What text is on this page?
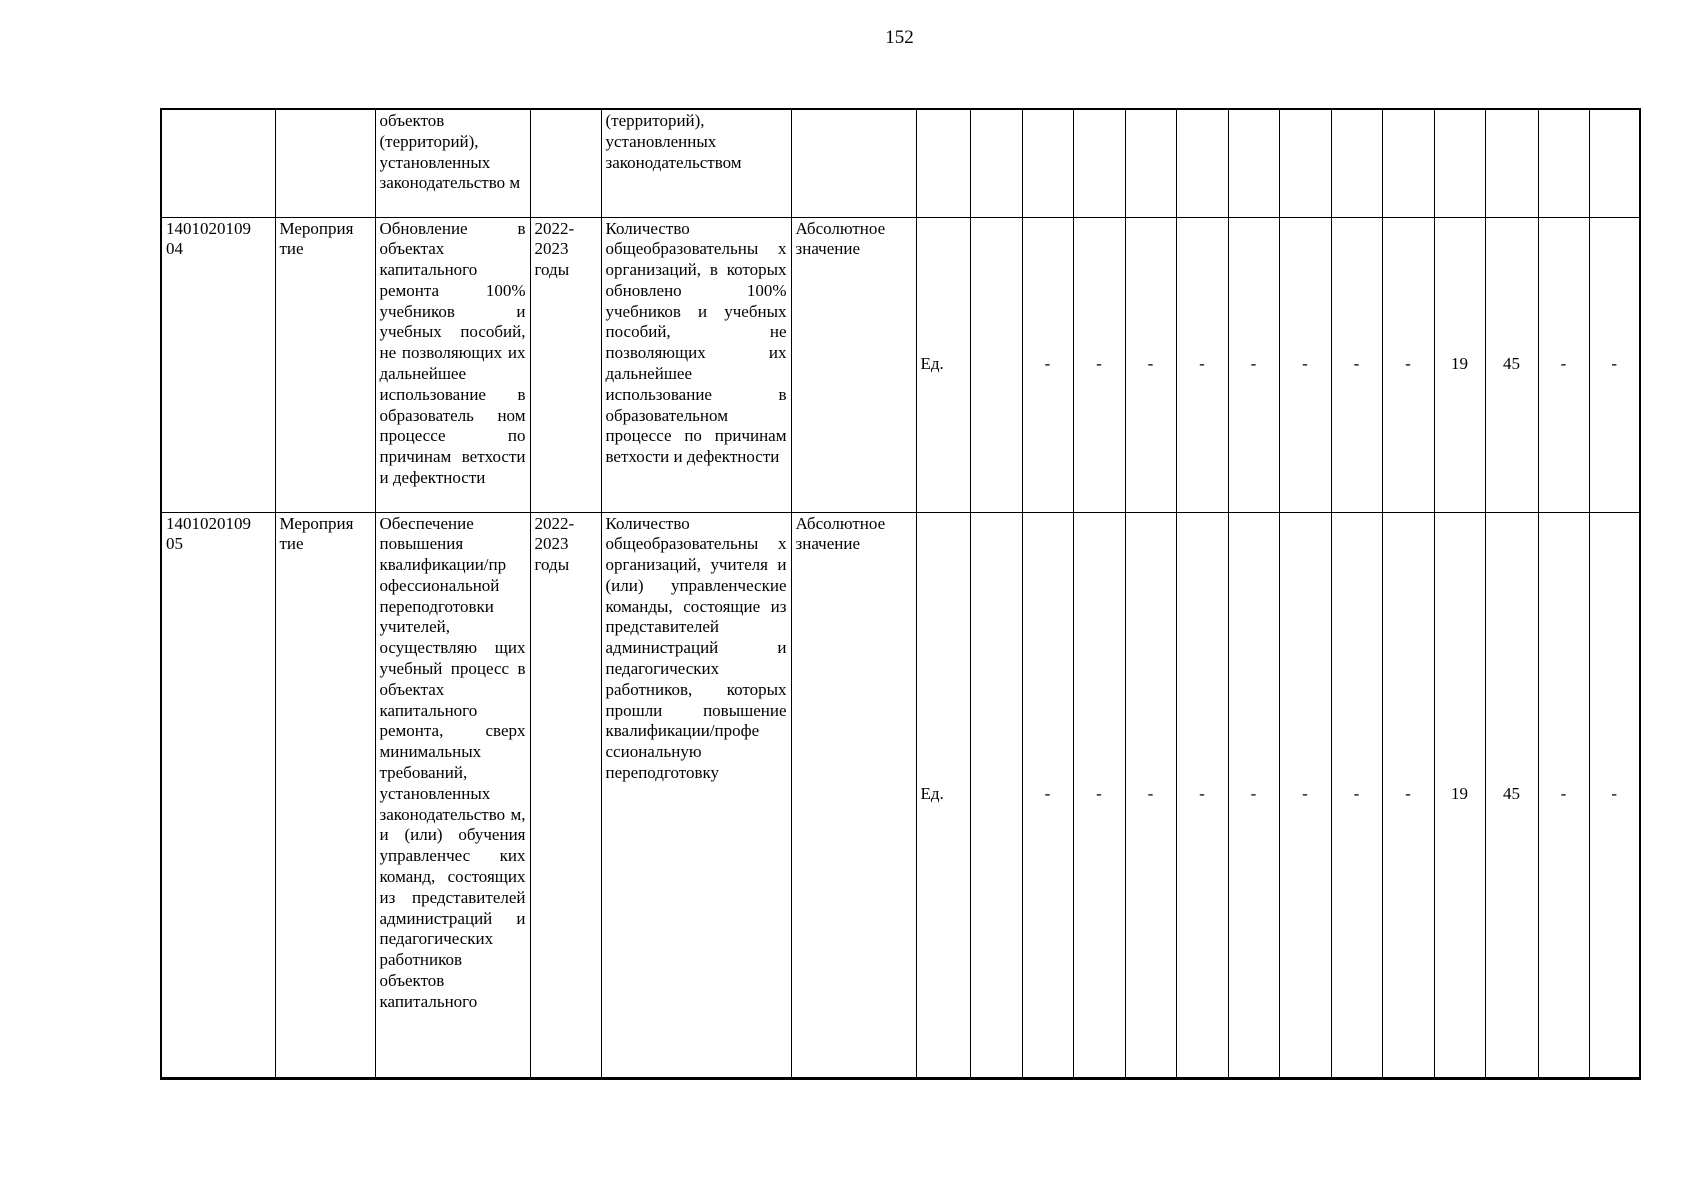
152
		объектов (территорий), установленных законодательство м		(территорий), установленных законодательством															
1401020109 04	Мероприя тие	Обновление в объектах капитального ремонта 100% учебников и учебных пособий, не позволяющих их дальнейшее использование в образователь ном процессе по причинам ветхости и дефектности	2022-2023 годы	Количество общеобразовательны х организаций, в которых обновлено 100% учебников и учебных пособий, не позволяющих их дальнейшее использование в образовательном процессе по причинам ветхости и дефектности	Абсолютное значение	Ед.		-	-	-	-	-	-	-	-	19	45	-	-
1401020109 05	Мероприя тие	Обеспечение повышения квалификации/пр офессиональной переподготовки учителей, осуществляю щих учебный процесс в объектах капитального ремонта, сверх минимальных требований, установленных законодательство м, и (или) обучения управленчес ких команд, состоящих из представителей администраций и педагогических работников объектов капитального	2022-2023 годы	Количество общеобразовательны х организаций, учителя и (или) управленческие команды, состоящие из представителей администраций и педагогических работников, которых прошли повышение квалификации/профе ссиональную переподготовку	Абсолютное значение	Ед.		-	-	-	-	-	-	-	-	19	45	-	-
